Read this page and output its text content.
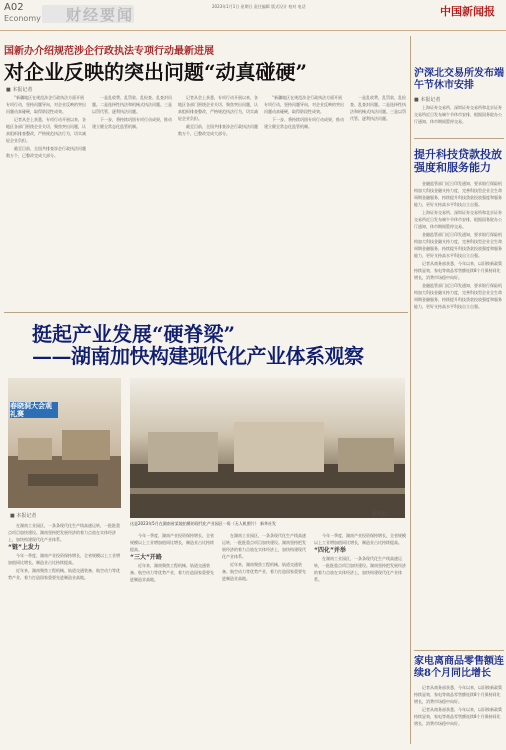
A02
Economy 财经要闻	2023年1月1日 星期日 责任编辑 版式设计 校对 电话	中国新闻报
国新办介绍规范涉企行政执法专项行动最新进展
对企业反映的突出问题“动真碰硬”
■ 本报记者

“新疆地区在规范涉企行政执法方面开展专项行动，坚持问题导向，对企业反映的突出问题动真碰硬，取得阶段性成效。

记者从会上获悉，专项行动开展以来，各地区各部门围绕企业关切，聚焦突出问题，认真组织排查整改，严格规范执法行为，切实减轻企业负担。

截至目前，全国共排查涉企行政执法问题数万个，已整改完成大部分。

一是乱收费、乱罚款、乱检查、乱查封问题。二是选择性执法和机械式执法问题。三是以罚代管、逐利执法问题。

下一步，将持续巩固专项行动成果，推动建立健全常态化监管机制。

记者从会上获悉，专项行动开展以来，各地区各部门围绕企业关切，聚焦突出问题，认真组织排查整改，严格规范执法行为，切实减轻企业负担。

截至目前，全国共排查涉企行政执法问题数万个，已整改完成大部分。

“新疆地区在规范涉企行政执法方面开展专项行动，坚持问题导向，对企业反映的突出问题动真碰硬，取得阶段性成效。

下一步，将持续巩固专项行动成果，推动建立健全常态化监管机制。

一是乱收费、乱罚款、乱检查、乱查封问题。二是选择性执法和机械式执法问题。三是以罚代管、逐利执法问题。

沪深北交易所发布端午节休市安排
■ 本报记者

上海证券交易所、深圳证券交易所和北京证券交易所近日发布端午节休市安排，根据国务院办公厅通知，休市期间暂停交易。

提升科技贷款投放强度和服务能力

金融监管部门近日印发通知，要求银行保险机构加大科技金融支持力度，完善科技型企业全生命周期金融服务，持续提升科技贷款投放强度和服务能力，更好支持高水平科技自立自强。

上海证券交易所、深圳证券交易所和北京证券交易所近日发布端午节休市安排，根据国务院办公厅通知，休市期间暂停交易。

金融监管部门近日印发通知，要求银行保险机构加大科技金融支持力度，完善科技型企业全生命周期金融服务，持续提升科技贷款投放强度和服务能力，更好支持高水平科技自立自强。

记者从商务部获悉，今年以来，以旧换新政策持续显效，家电等商品零售额连续8个月保持同比增长，消费市场稳中向好。

金融监管部门近日印发通知，要求银行保险机构加大科技金融支持力度，完善科技型企业全生命周期金融服务，持续提升科技贷款投放强度和服务能力，更好支持高水平科技自立自强。

家电离商品零售额连续8个月同比增长

记者从商务部获悉，今年以来，以旧换新政策持续显效，家电等商品零售额连续8个月保持同比增长，消费市场稳中向好。

记者从商务部获悉，今年以来，以旧换新政策持续显效，家电等商品零售额连续8个月保持同比增长，消费市场稳中向好。

挺起产业发展“硬脊梁”
——湖南加快构建现代化产业体系观察
春晓洞大会观礼赛
■ 本报记者
这是2023年5月在湖南省某地拍摄的现代化产业园区一角（无人机照片） 新华社发
新华社

在湖南工业园区，一条条现代化生产线高速运转，一批批重点项目加快建设。湖南坚持把发展经济的着力点放在实体经济上，加快构建现代化产业体系。

“链”上发力

今年一季度，湖南产业投资保持增长，全省规模以上工业增加值同比增长，制造业占比持续提高。

近年来，湖南聚焦工程机械、轨道交通装备、航空动力等优势产业，着力打造国家重要先进制造业高地。

今年一季度，湖南产业投资保持增长，全省规模以上工业增加值同比增长，制造业占比持续提高。

“三大”开路

近年来，湖南聚焦工程机械、轨道交通装备、航空动力等优势产业，着力打造国家重要先进制造业高地。

在湖南工业园区，一条条现代化生产线高速运转，一批批重点项目加快建设。湖南坚持把发展经济的着力点放在实体经济上，加快构建现代化产业体系。

近年来，湖南聚焦工程机械、轨道交通装备、航空动力等优势产业，着力打造国家重要先进制造业高地。

今年一季度，湖南产业投资保持增长，全省规模以上工业增加值同比增长，制造业占比持续提高。

“四化”并举

在湖南工业园区，一条条现代化生产线高速运转，一批批重点项目加快建设。湖南坚持把发展经济的着力点放在实体经济上，加快构建现代化产业体系。
